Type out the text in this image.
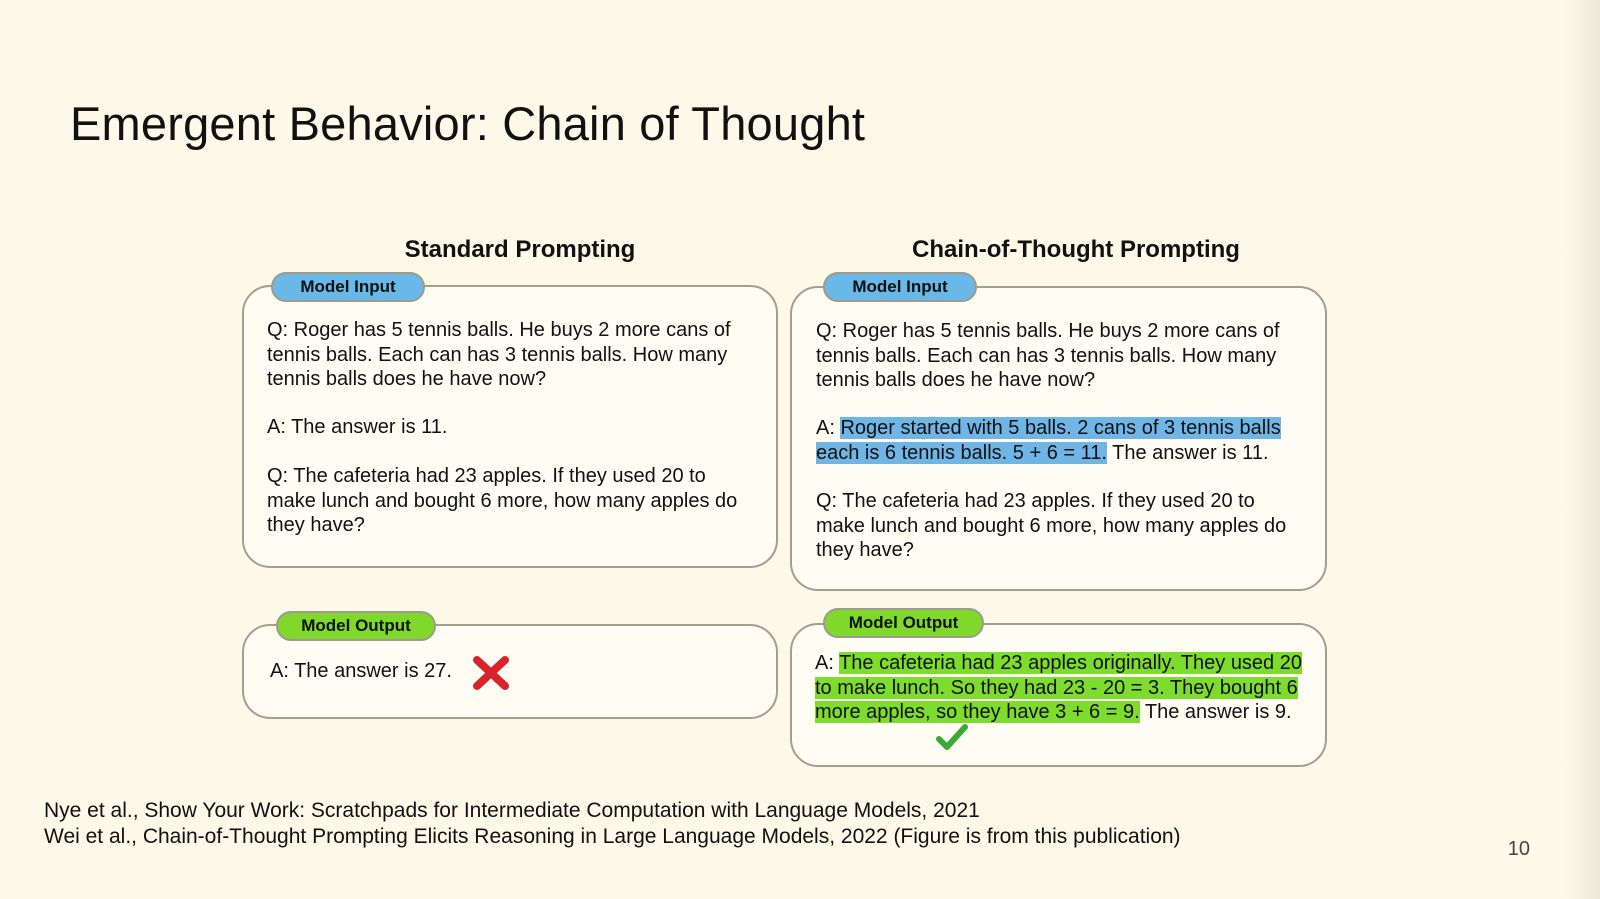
Emergent Behavior: Chain of Thought
Standard Prompting
Model Input

Q: Roger has 5 tennis balls. He buys 2 more cans of tennis balls. Each can has 3 tennis balls. How many tennis balls does he have now?

A: The answer is 11.

Q: The cafeteria had 23 apples. If they used 20 to make lunch and bought 6 more, how many apples do they have?

Model Output

A: The answer is 27.

Chain-of-Thought Prompting
Model Input

Q: Roger has 5 tennis balls. He buys 2 more cans of tennis balls. Each can has 3 tennis balls. How many tennis balls does he have now?

A: Roger started with 5 balls. 2 cans of 3 tennis balls each is 6 tennis balls. 5 + 6 = 11. The answer is 11.

Q: The cafeteria had 23 apples. If they used 20 to make lunch and bought 6 more, how many apples do they have?

Model Output

A: The cafeteria had 23 apples originally. They used 20 to make lunch. So they had 23 - 20 = 3. They bought 6 more apples, so they have 3 + 6 = 9. The answer is 9.

Nye et al., Show Your Work: Scratchpads for Intermediate Computation with Language Models, 2021
Wei et al., Chain-of-Thought Prompting Elicits Reasoning in Large Language Models, 2022 (Figure is from this publication)
10
